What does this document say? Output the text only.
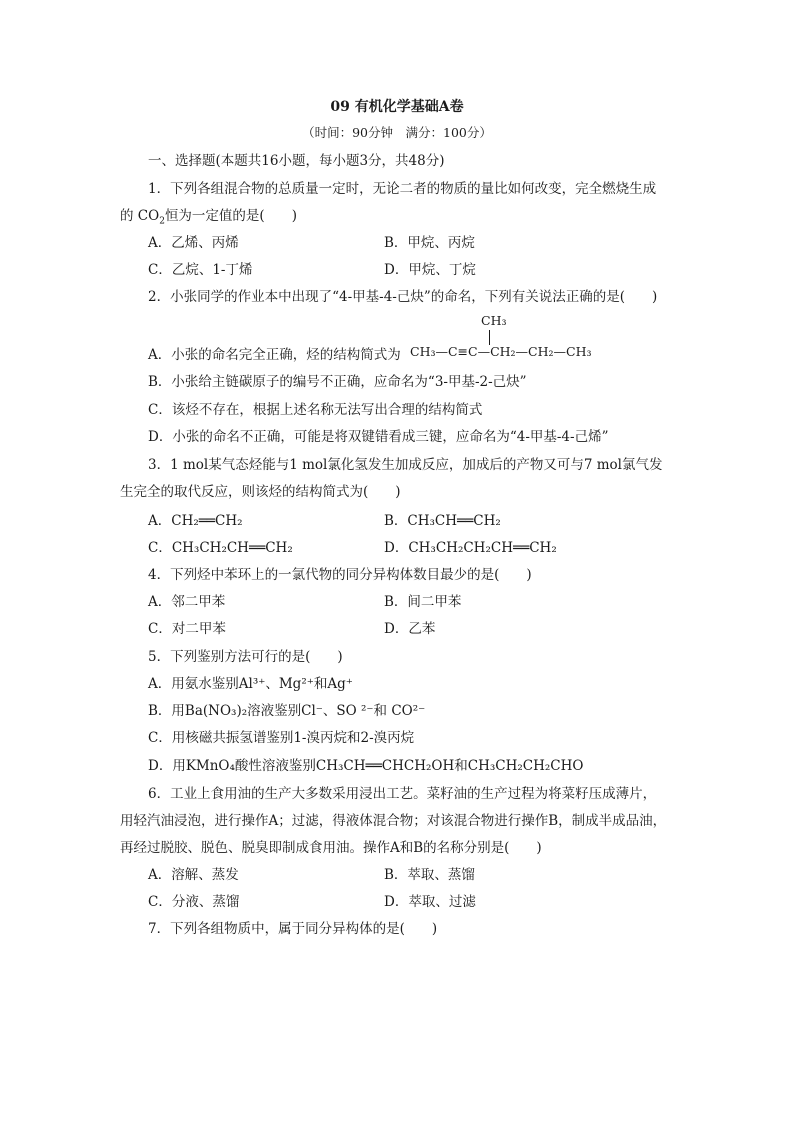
09 有机化学基础A卷
（时间：90分钟　满分：100分）
一、选择题(本题共16小题，每小题3分，共48分)
1．下列各组混合物的总质量一定时，无论二者的物质的量比如何改变，完全燃烧生成
的 $CO_2$恒为一定值的是(　　)
A．乙烯、丙烯	B．甲烷、丙烷
C．乙烷、1-丁烯	D．甲烷、丁烷
2．小张同学的作业本中出现了“4-甲基-4-己炔”的命名，下列有关说法正确的是(　　)
CH₃
A．小张的命名完全正确，烃的结构简式为 CH₃—C≡C—CH₂—CH₂—CH₃
B．小张给主链碳原子的编号不正确，应命名为“3-甲基-2-己炔”
C．该烃不存在，根据上述名称无法写出合理的结构简式
D．小张的命名不正确，可能是将双键错看成三键，应命名为“4-甲基-4-己烯”
3．1 mol某气态烃能与1 mol氯化氢发生加成反应，加成后的产物又可与7 mol氯气发
生完全的取代反应，则该烃的结构简式为(　　)
A．CH₂══CH₂	B．CH₃CH══CH₂
C．CH₃CH₂CH══CH₂	D．CH₃CH₂CH₂CH══CH₂
4．下列烃中苯环上的一氯代物的同分异构体数目最少的是(　　)
A．邻二甲苯	B．间二甲苯
C．对二甲苯	D．乙苯
5．下列鉴别方法可行的是(　　)
A．用氨水鉴别Al³⁺、Mg²⁺和Ag⁺
B．用Ba(NO₃)₂溶液鉴别Cl⁻、SO ²⁻和 CO²⁻
C．用核磁共振氢谱鉴别1-溴丙烷和2-溴丙烷
D．用KMnO₄酸性溶液鉴别CH₃CH══CHCH₂OH和CH₃CH₂CH₂CHO
6．工业上食用油的生产大多数采用浸出工艺。菜籽油的生产过程为将菜籽压成薄片，
用轻汽油浸泡，进行操作A；过滤，得液体混合物；对该混合物进行操作B，制成半成品油，
再经过脱胶、脱色、脱臭即制成食用油。操作A和B的名称分别是(　　)
A．溶解、蒸发	B．萃取、蒸馏
C．分液、蒸馏	D．萃取、过滤
7．下列各组物质中，属于同分异构体的是(　　)
